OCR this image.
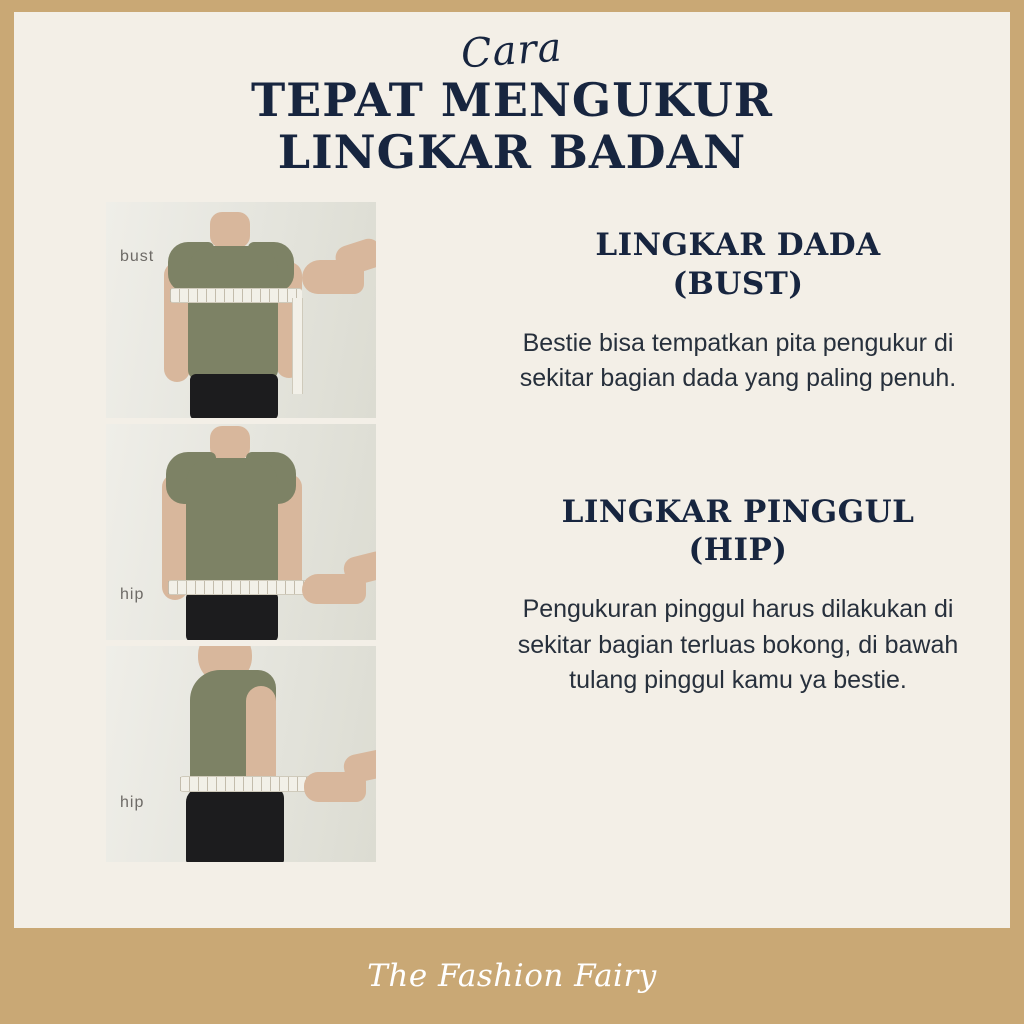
Cara
TEPAT MENGUKUR
LINGKAR BADAN
bust
hip
hip
LINGKAR DADA
(BUST)

Bestie bisa tempatkan pita pengukur di sekitar bagian dada yang paling penuh.

LINGKAR PINGGUL
(HIP)

Pengukuran pinggul harus dilakukan di sekitar bagian terluas bokong, di bawah tulang pinggul kamu ya bestie.

The Fashion Fairy
